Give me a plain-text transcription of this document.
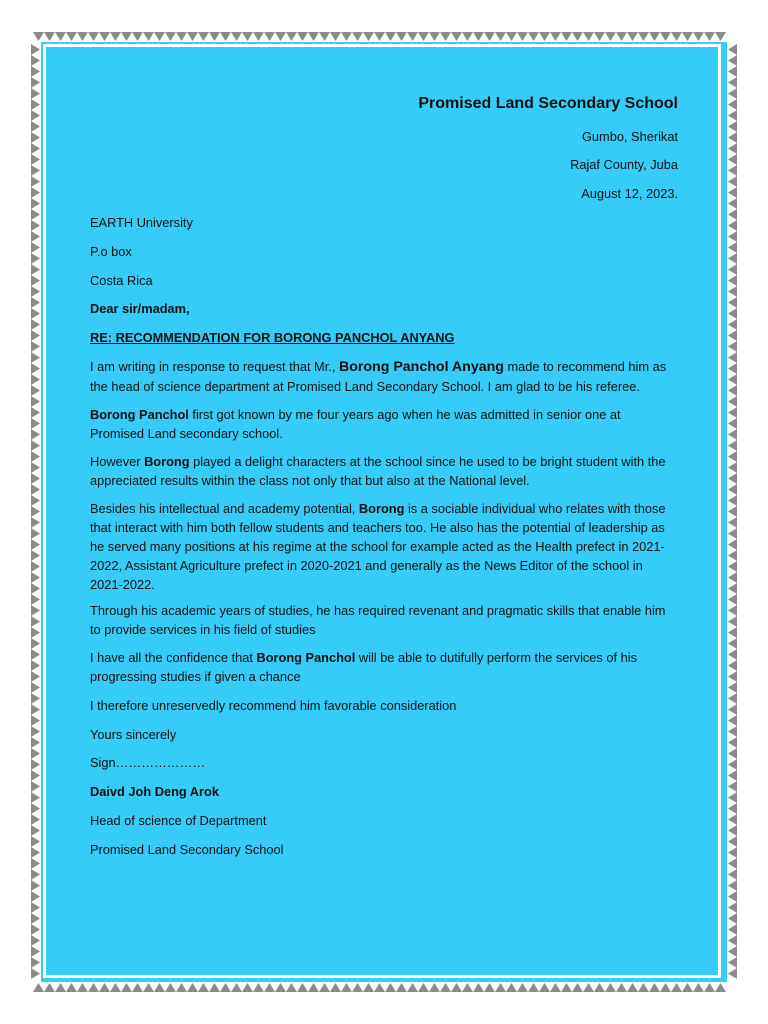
Promised Land Secondary School
Gumbo, Sherikat
Rajaf County, Juba
August 12, 2023.
EARTH University
P.o box
Costa Rica
Dear sir/madam,
RE: RECOMMENDATION FOR BORONG PANCHOL ANYANG
I am writing in response to request that Mr., Borong Panchol Anyang made to recommend him as the head of science department at Promised Land Secondary School. I am glad to be his referee.
Borong Panchol first got known by me four years ago when he was admitted in senior one at Promised Land secondary school.
However Borong played a delight characters at the school since he used to be bright student with the appreciated results within the class not only that but also at the National level.
Besides his intellectual and academy potential, Borong is a sociable individual who relates with those that interact with him both fellow students and teachers too. He also has the potential of leadership as he served many positions at his regime at the school for example acted as the Health prefect in 2021-2022, Assistant Agriculture prefect in 2020-2021 and generally as the News Editor of the school in 2021-2022.
Through his academic years of studies, he has required revenant and pragmatic skills that enable him to provide services in his field of studies
I have all the confidence that Borong Panchol will be able to dutifully perform the services of his progressing studies if given a chance
I therefore unreservedly recommend him favorable consideration
Yours sincerely
Sign…………………
Daivd Joh Deng Arok
Head of science of Department
Promised Land Secondary School
